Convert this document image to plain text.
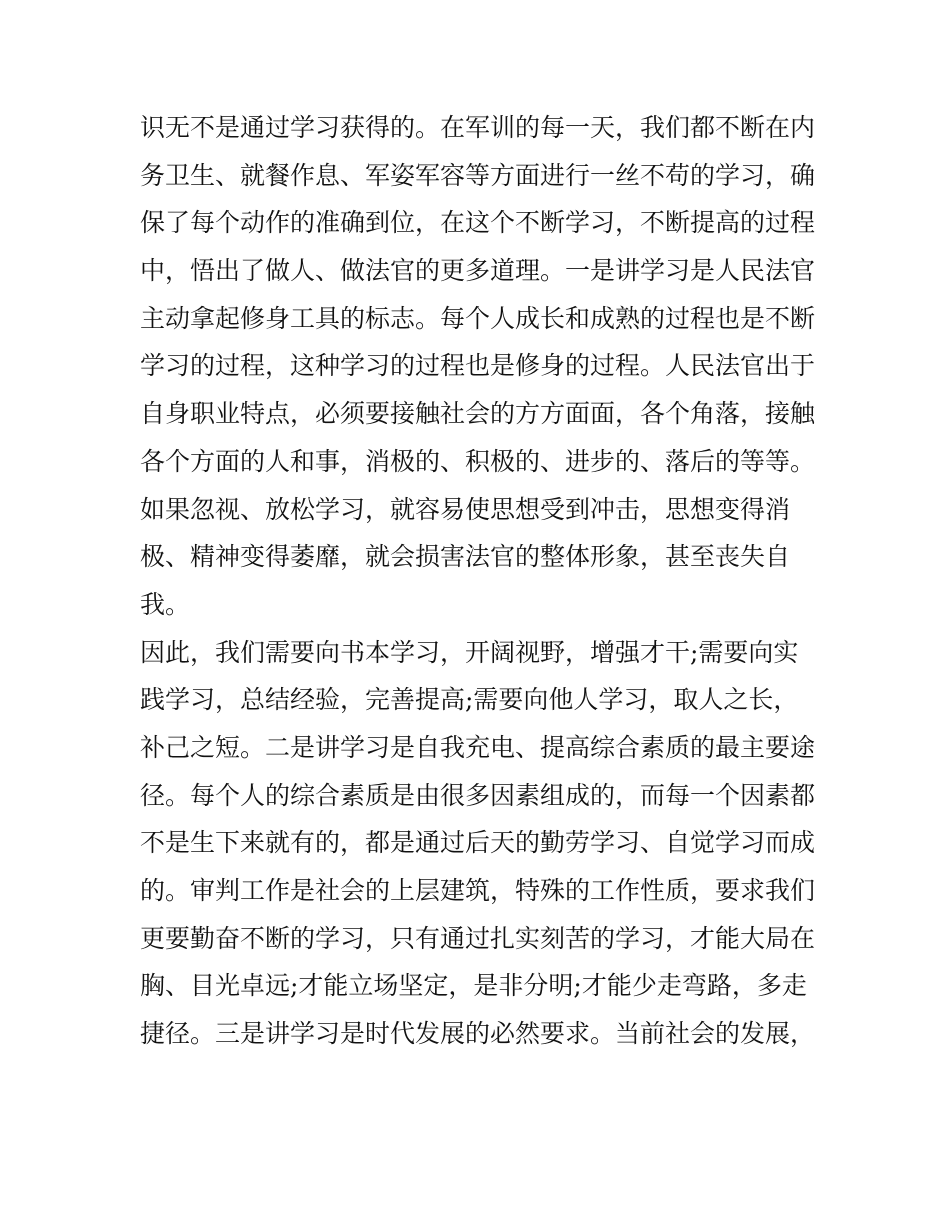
识无不是通过学习获得的。在军训的每一天，我们都不断在内
务卫生、就餐作息、军姿军容等方面进行一丝不苟的学习，确
保了每个动作的准确到位，在这个不断学习，不断提高的过程
中，悟出了做人、做法官的更多道理。一是讲学习是人民法官
主动拿起修身工具的标志。每个人成长和成熟的过程也是不断
学习的过程，这种学习的过程也是修身的过程。人民法官出于
自身职业特点，必须要接触社会的方方面面，各个角落，接触
各个方面的人和事，消极的、积极的、进步的、落后的等等。
如果忽视、放松学习，就容易使思想受到冲击，思想变得消
极、精神变得萎靡，就会损害法官的整体形象，甚至丧失自
我。
因此，我们需要向书本学习，开阔视野，增强才干;需要向实
践学习，总结经验，完善提高;需要向他人学习，取人之长，
补己之短。二是讲学习是自我充电、提高综合素质的最主要途
径。每个人的综合素质是由很多因素组成的，而每一个因素都
不是生下来就有的，都是通过后天的勤劳学习、自觉学习而成
的。审判工作是社会的上层建筑，特殊的工作性质，要求我们
更要勤奋不断的学习，只有通过扎实刻苦的学习，才能大局在
胸、目光卓远;才能立场坚定，是非分明;才能少走弯路，多走
捷径。三是讲学习是时代发展的必然要求。当前社会的发展，
